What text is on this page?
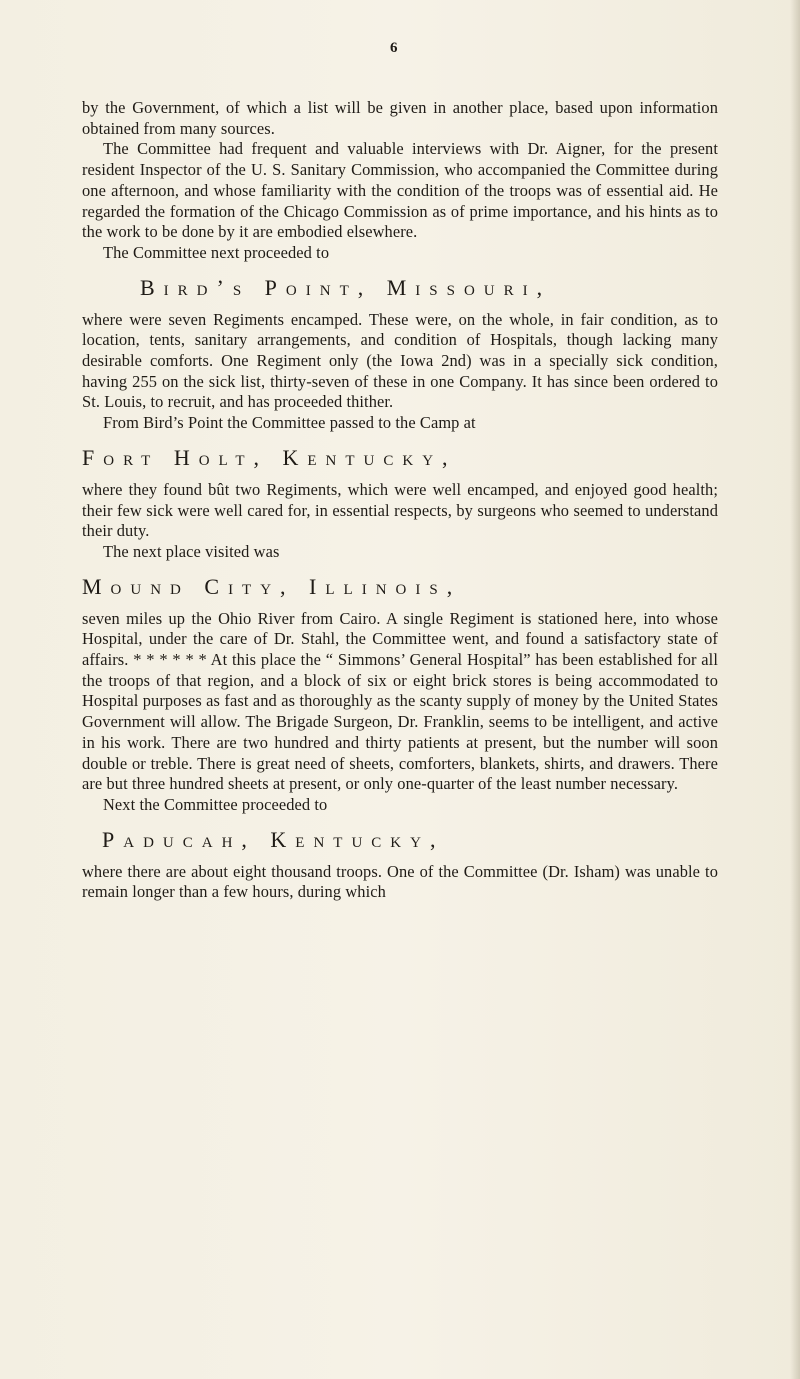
6

by the Government, of which a list will be given in another place, based upon information obtained from many sources.

The Committee had frequent and valuable interviews with Dr. Aigner, for the present resident Inspector of the U. S. Sanitary Commission, who accompanied the Committee during one afternoon, and whose familiarity with the condition of the troops was of essential aid. He regarded the formation of the Chicago Commission as of prime importance, and his hints as to the work to be done by it are embodied elsewhere.

The Committee next proceeded to

Bird’s Point, Missouri,

where were seven Regiments encamped. These were, on the whole, in fair condition, as to location, tents, sanitary arrangements, and condition of Hospitals, though lacking many desirable comforts. One Regiment only (the Iowa 2nd) was in a specially sick condition, having 255 on the sick list, thirty-seven of these in one Company. It has since been ordered to St. Louis, to recruit, and has proceeded thither.

From Bird’s Point the Committee passed to the Camp at

Fort Holt, Kentucky,

where they found bût two Regiments, which were well encamped, and enjoyed good health; their few sick were well cared for, in essential respects, by surgeons who seemed to understand their duty.

The next place visited was

Mound City, Illinois,

seven miles up the Ohio River from Cairo. A single Regiment is stationed here, into whose Hospital, under the care of Dr. Stahl, the Committee went, and found a satisfactory state of affairs. * * * * * * At this place the “ Simmons’ General Hospital” has been established for all the troops of that region, and a block of six or eight brick stores is being accommodated to Hospital purposes as fast and as thoroughly as the scanty supply of money by the United States Government will allow. The Brigade Surgeon, Dr. Franklin, seems to be intelligent, and active in his work. There are two hundred and thirty patients at present, but the number will soon double or treble. There is great need of sheets, comforters, blankets, shirts, and drawers. There are but three hundred sheets at present, or only one-quarter of the least number necessary.

Next the Committee proceeded to

Paducah, Kentucky,

where there are about eight thousand troops. One of the Committee (Dr. Isham) was unable to remain longer than a few hours, during which
